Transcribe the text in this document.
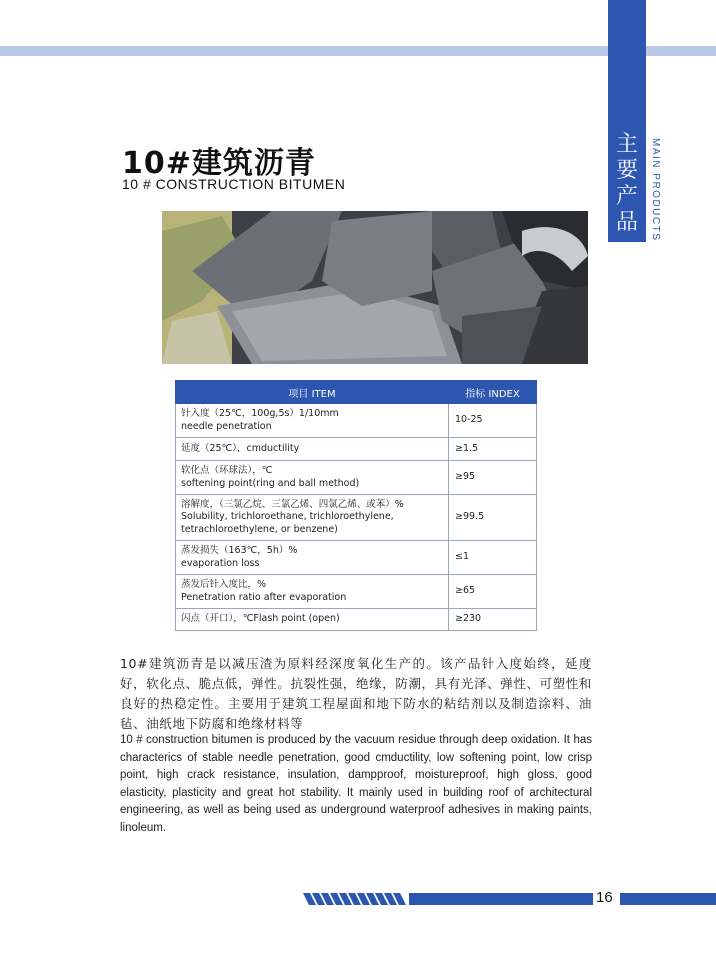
主要产品	MAIN PRODUCTS
10#建筑沥青
10 # CONSTRUCTION BITUMEN
项目 ITEM	指标 INDEX

针入度（25℃，100g,5s）1/10mm
needle penetration	10-25

延度（25℃），cmductility	≥1.5

软化点（环球法），℃
softening point(ring and ball method)	≥95

溶解度，（三氯乙烷、三氯乙烯、四氯乙烯、或苯）%
Solubility, trichloroethane, trichloroethylene, tetrachloroethylene, or benzene)	≥99.5

蒸发损失（163℃，5h）%
evaporation loss	≤1

蒸发后针入度比，%
Penetration ratio after evaporation	≥65

闪点（开口），℃Flash point (open)	≥230
10#建筑沥青是以减压渣为原料经深度氧化生产的。该产品针入度始终，延度好，软化点、脆点低，弹性。抗裂性强，绝缘，防潮，具有光泽、弹性、可塑性和良好的热稳定性。主要用于建筑工程屋面和地下防水的粘结剂以及制造涂料、油毡、油纸地下防腐和绝缘材料等
10 # construction bitumen is produced by the vacuum residue through deep oxidation. It has characterics of stable needle penetration, good cmductility, low softening point, low crisp point, high crack resistance, insulation, dampproof, moistureproof, high gloss, good elasticity, plasticity and great hot stability. It mainly used in building roof of architectural engineering, as well as being used as underground waterproof adhesives in making paints, linoleum.
16
